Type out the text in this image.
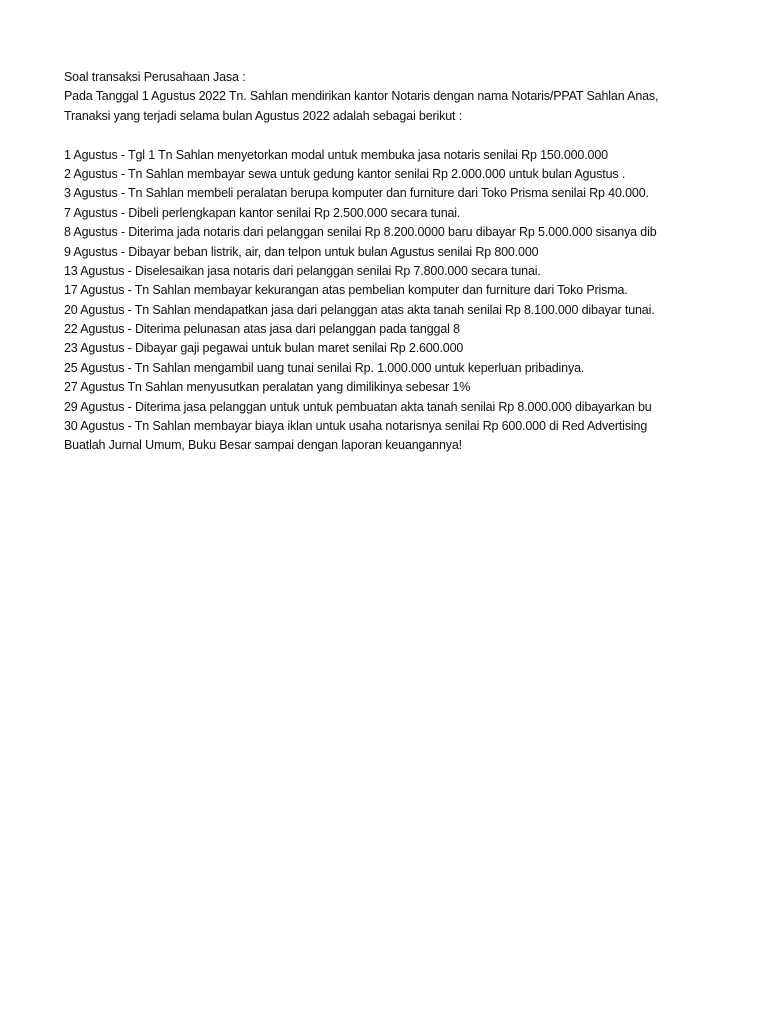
Soal transaksi Perusahaan Jasa :
Pada Tanggal 1 Agustus 2022 Tn. Sahlan mendirikan kantor Notaris dengan nama Notaris/PPAT Sahlan Anas,
Tranaksi yang terjadi selama bulan Agustus 2022 adalah sebagai berikut :
1 Agustus - Tgl 1 Tn Sahlan menyetorkan modal untuk membuka jasa notaris senilai Rp 150.000.000
2 Agustus - Tn Sahlan membayar sewa untuk gedung kantor senilai Rp 2.000.000 untuk bulan Agustus .
3 Agustus - Tn Sahlan membeli peralatan berupa komputer dan furniture dari Toko Prisma senilai Rp 40.000.
7 Agustus - Dibeli perlengkapan kantor senilai Rp 2.500.000 secara tunai.
8 Agustus - Diterima jada notaris dari pelanggan senilai Rp 8.200.0000 baru dibayar Rp 5.000.000 sisanya dib
9 Agustus - Dibayar beban listrik, air, dan telpon untuk bulan Agustus senilai Rp 800.000
13 Agustus - Diselesaikan jasa notaris dari pelanggan senilai Rp 7.800.000 secara tunai.
17 Agustus - Tn Sahlan membayar kekurangan atas pembelian komputer dan furniture dari Toko Prisma.
20 Agustus - Tn Sahlan mendapatkan jasa dari pelanggan atas akta tanah senilai Rp 8.100.000 dibayar tunai.
22 Agustus - Diterima pelunasan atas jasa dari pelanggan pada tanggal 8
23 Agustus - Dibayar gaji pegawai untuk bulan maret senilai Rp 2.600.000
25 Agustus - Tn Sahlan mengambil uang tunai senilai Rp. 1.000.000 untuk keperluan pribadinya.
27 Agustus Tn Sahlan menyusutkan peralatan yang dimilikinya sebesar 1%
29 Agustus - Diterima jasa pelanggan untuk untuk pembuatan akta tanah senilai Rp 8.000.000 dibayarkan bu
30 Agustus - Tn Sahlan membayar biaya iklan untuk usaha notarisnya senilai Rp 600.000 di Red Advertising
Buatlah Jurnal Umum, Buku Besar sampai dengan laporan keuangannya!
